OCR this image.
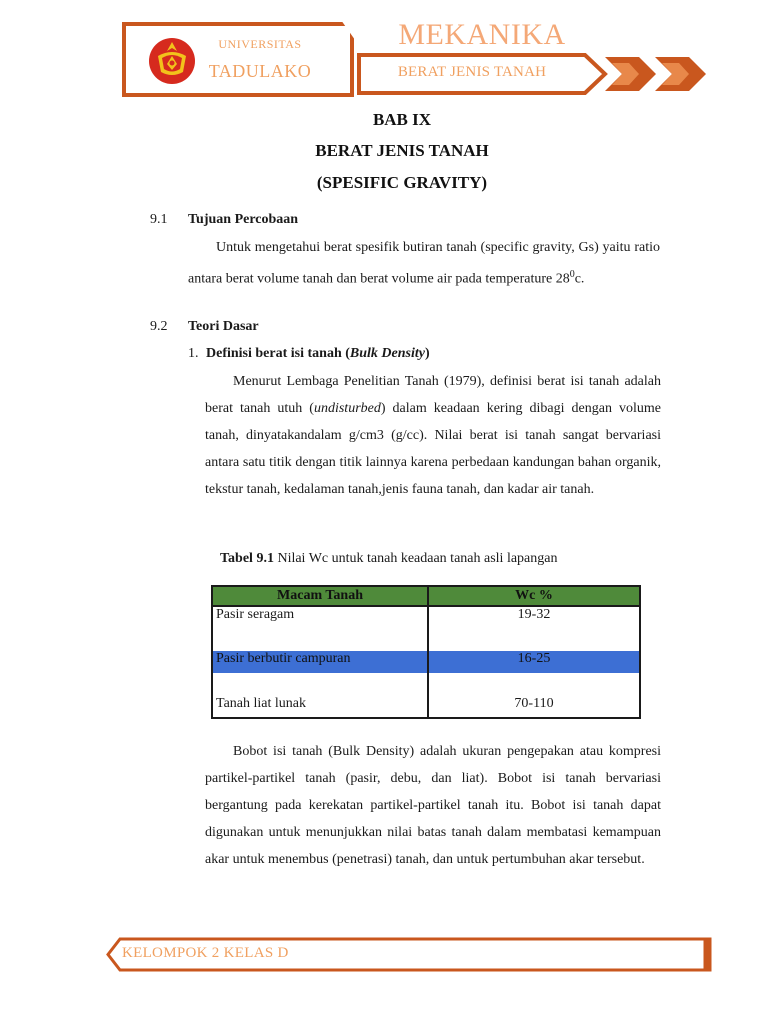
UNIVERSITAS
TADULAKO
MEKANIKA
BERAT JENIS TANAH
BAB IX
BERAT JENIS TANAH
(SPESIFIC GRAVITY)
9.1 Tujuan Percobaan
Untuk mengetahui berat spesifik butiran tanah (specific gravity, Gs) yaitu ratio antara berat volume tanah dan berat volume air pada temperature $28^0c$.
9.2 Teori Dasar
1. Definisi berat isi tanah (Bulk Density)
Menurut Lembaga Penelitian Tanah (1979), definisi berat isi tanah adalah berat tanah utuh (undisturbed) dalam keadaan kering dibagi dengan volume tanah, dinyatakandalam g/cm3 (g/cc). Nilai berat isi tanah sangat bervariasi antara satu titik dengan titik lainnya karena perbedaan kandungan bahan organik, tekstur tanah, kedalaman tanah,jenis fauna tanah, dan kadar air tanah.
Tabel 9.1 Nilai Wc untuk tanah keadaan tanah asli lapangan
Macam Tanah	Wc %
Pasir seragam	19-32

Pasir berbutir campuran	16-25

Tanah liat lunak	70-110
Bobot isi tanah (Bulk Density) adalah ukuran pengepakan atau kompresi partikel-partikel tanah (pasir, debu, dan liat). Bobot isi tanah bervariasi bergantung pada kerekatan partikel-partikel tanah itu. Bobot isi tanah dapat digunakan untuk menunjukkan nilai batas tanah dalam membatasi kemampuan akar untuk menembus (penetrasi) tanah, dan untuk pertumbuhan akar tersebut.
KELOMPOK 2 KELAS D
